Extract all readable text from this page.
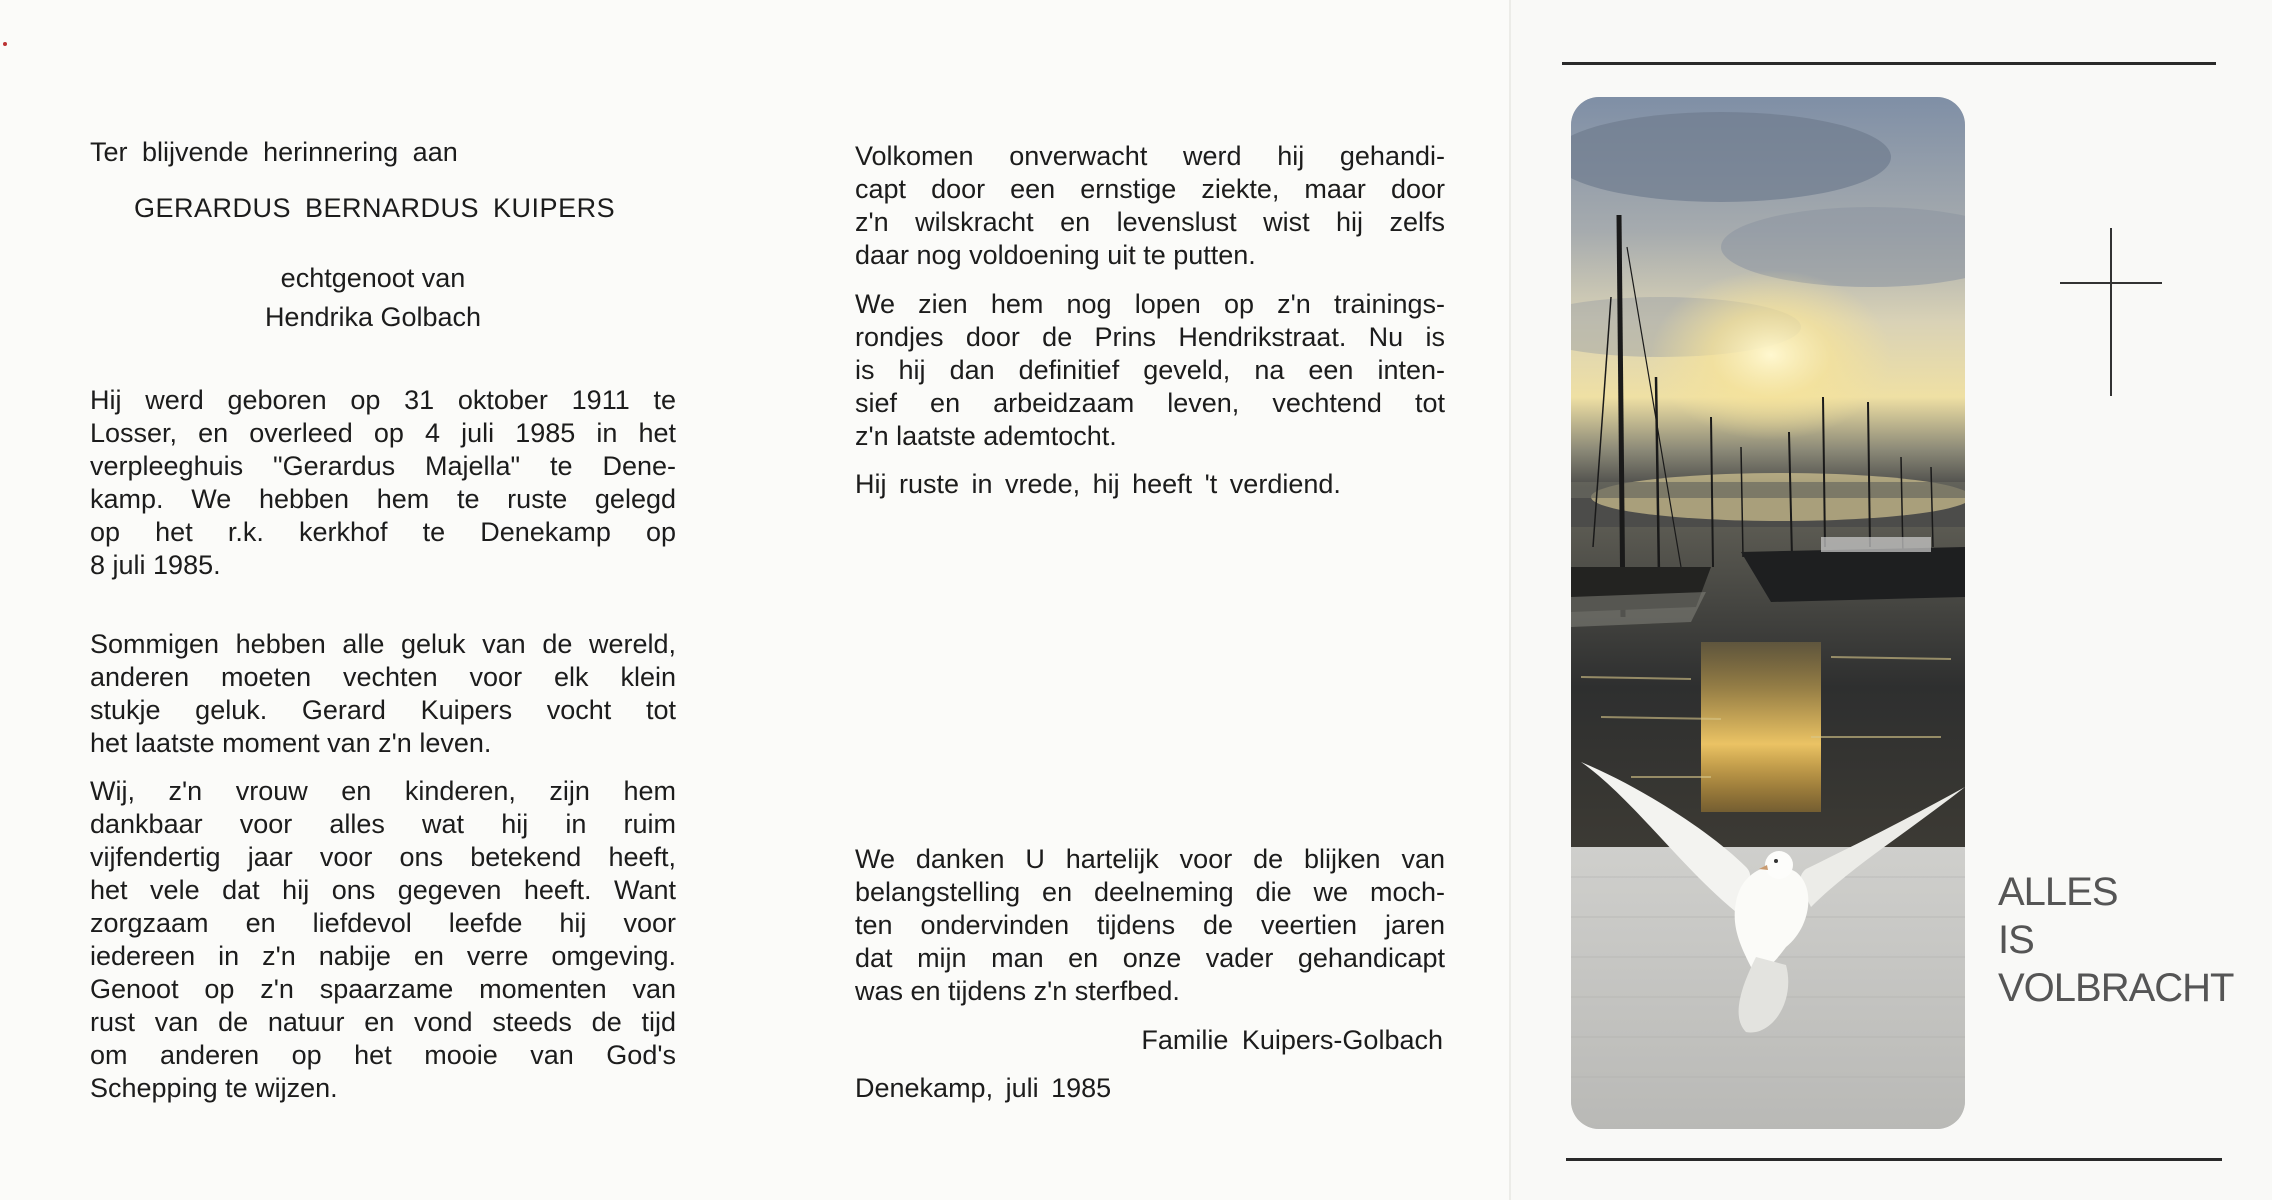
Ter blijvende herinnering aan
GERARDUS BERNARDUS KUIPERS
echtgenoot van
Hendrika Golbach
Hij werd geboren op 31 oktober 1911 te
Losser, en overleed op 4 juli 1985 in het
verpleeghuis "Gerardus Majella" te Dene-
kamp. We hebben hem te ruste gelegd
op het r.k. kerkhof te Denekamp op
8 juli 1985.
Sommigen hebben alle geluk van de wereld,
anderen moeten vechten voor elk klein
stukje geluk. Gerard Kuipers vocht tot
het laatste moment van z'n leven.
Wij, z'n vrouw en kinderen, zijn hem
dankbaar voor alles wat hij in ruim
vijfendertig jaar voor ons betekend heeft,
het vele dat hij ons gegeven heeft. Want
zorgzaam en liefdevol leefde hij voor
iedereen in z'n nabije en verre omgeving.
Genoot op z'n spaarzame momenten van
rust van de natuur en vond steeds de tijd
om anderen op het mooie van God's
Schepping te wijzen.
Volkomen onverwacht werd hij gehandi-
capt door een ernstige ziekte, maar door
z'n wilskracht en levenslust wist hij zelfs
daar nog voldoening uit te putten.
We zien hem nog lopen op z'n trainings-
rondjes door de Prins Hendrikstraat. Nu is
is hij dan definitief geveld, na een inten-
sief en arbeidzaam leven, vechtend tot
z'n laatste ademtocht.
Hij ruste in vrede, hij heeft 't verdiend.
We danken U hartelijk voor de blijken van
belangstelling en deelneming die we moch-
ten ondervinden tijdens de veertien jaren
dat mijn man en onze vader gehandicapt
was en tijdens z'n sterfbed.
Familie Kuipers-Golbach
Denekamp, juli 1985
ALLES
IS
VOLBRACHT
